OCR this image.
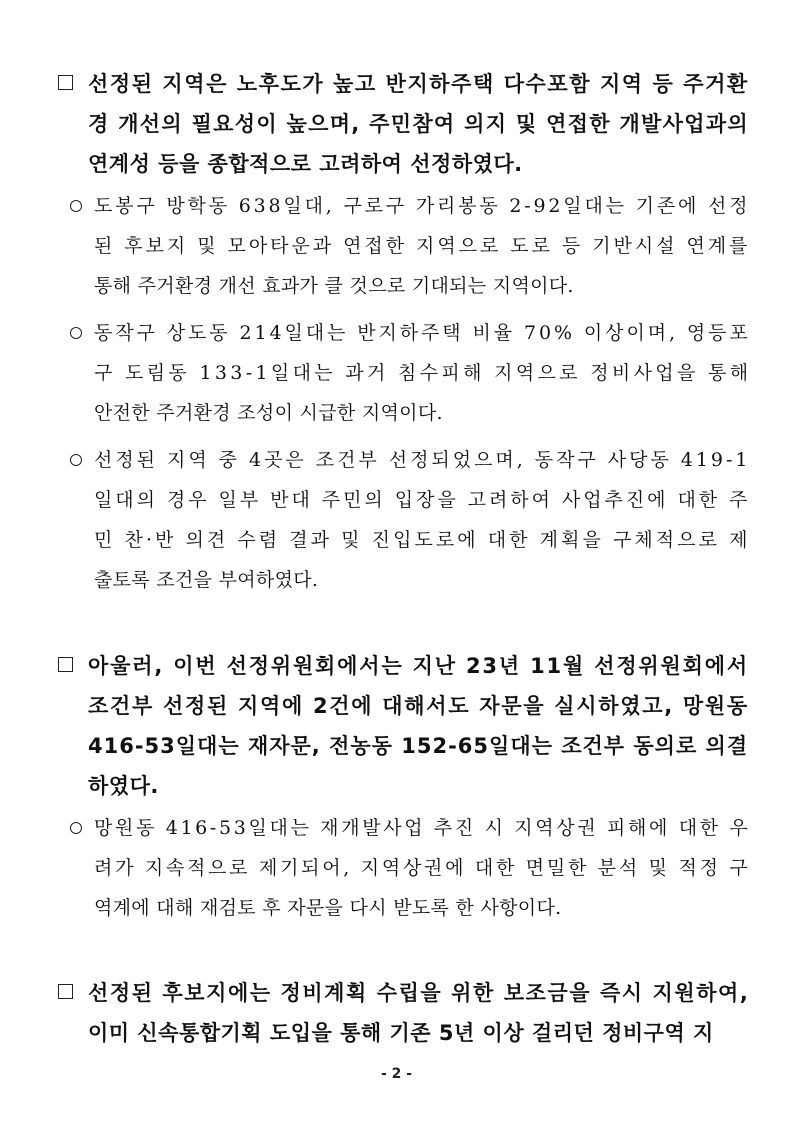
선정된 지역은 노후도가 높고 반지하주택 다수포함 지역 등 주거환
경 개선의 필요성이 높으며, 주민참여 의지 및 연접한 개발사업과의
연계성 등을 종합적으로 고려하여 선정하였다.
도봉구 방학동 638일대, 구로구 가리봉동 2-92일대는 기존에 선정
된 후보지 및 모아타운과 연접한 지역으로 도로 등 기반시설 연계를
통해 주거환경 개선 효과가 클 것으로 기대되는 지역이다.
동작구 상도동 214일대는 반지하주택 비율 70% 이상이며, 영등포
구 도림동 133-1일대는 과거 침수피해 지역으로 정비사업을 통해
안전한 주거환경 조성이 시급한 지역이다.
선정된 지역 중 4곳은 조건부 선정되었으며, 동작구 사당동 419-1
일대의 경우 일부 반대 주민의 입장을 고려하여 사업추진에 대한 주
민 찬·반 의견 수렴 결과 및 진입도로에 대한 계획을 구체적으로 제
출토록 조건을 부여하였다.
아울러, 이번 선정위원회에서는 지난 23년 11월 선정위원회에서
조건부 선정된 지역에 2건에 대해서도 자문을 실시하였고, 망원동
416-53일대는 재자문, 전농동 152-65일대는 조건부 동의로 의결
하였다.
망원동 416-53일대는 재개발사업 추진 시 지역상권 피해에 대한 우
려가 지속적으로 제기되어, 지역상권에 대한 면밀한 분석 및 적정 구
역계에 대해 재검토 후 자문을 다시 받도록 한 사항이다.
선정된 후보지에는 정비계획 수립을 위한 보조금을 즉시 지원하여,
이미 신속통합기획 도입을 통해 기존 5년 이상 걸리던 정비구역 지
- 2 -
